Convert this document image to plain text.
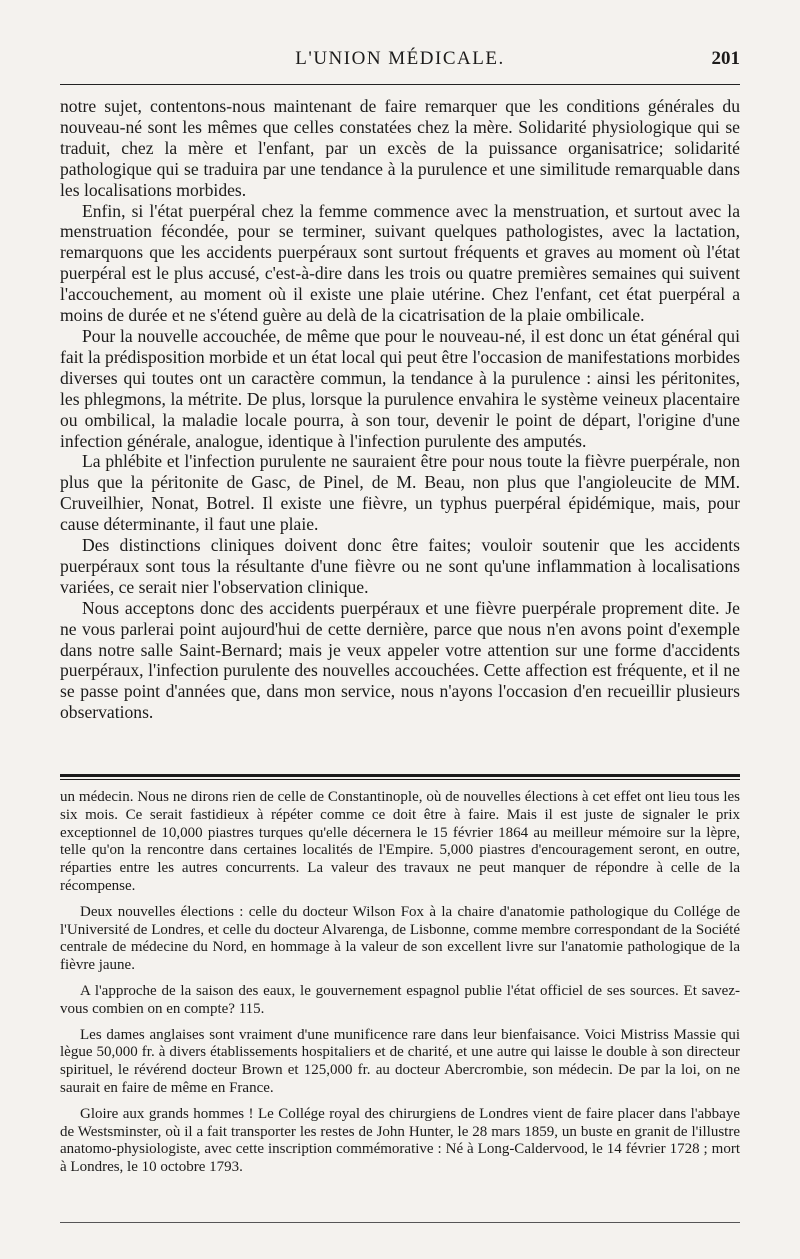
L'UNION MÉDICALE.	201

notre sujet, contentons-nous maintenant de faire remarquer que les conditions générales du nouveau-né sont les mêmes que celles constatées chez la mère. Solidarité physiologique qui se traduit, chez la mère et l'enfant, par un excès de la puissance organisatrice; solidarité pathologique qui se traduira par une tendance à la purulence et une similitude remarquable dans les localisations morbides.

Enfin, si l'état puerpéral chez la femme commence avec la menstruation, et surtout avec la menstruation fécondée, pour se terminer, suivant quelques pathologistes, avec la lactation, remarquons que les accidents puerpéraux sont surtout fréquents et graves au moment où l'état puerpéral est le plus accusé, c'est-à-dire dans les trois ou quatre premières semaines qui suivent l'accouchement, au moment où il existe une plaie utérine. Chez l'enfant, cet état puerpéral a moins de durée et ne s'étend guère au delà de la cicatrisation de la plaie ombilicale.

Pour la nouvelle accouchée, de même que pour le nouveau-né, il est donc un état général qui fait la prédisposition morbide et un état local qui peut être l'occasion de manifestations morbides diverses qui toutes ont un caractère commun, la tendance à la purulence : ainsi les péritonites, les phlegmons, la métrite. De plus, lorsque la purulence envahira le système veineux placentaire ou ombilical, la maladie locale pourra, à son tour, devenir le point de départ, l'origine d'une infection générale, analogue, identique à l'infection purulente des amputés.

La phlébite et l'infection purulente ne sauraient être pour nous toute la fièvre puerpérale, non plus que la péritonite de Gasc, de Pinel, de M. Beau, non plus que l'angioleucite de MM. Cruveilhier, Nonat, Botrel. Il existe une fièvre, un typhus puerpéral épidémique, mais, pour cause déterminante, il faut une plaie.

Des distinctions cliniques doivent donc être faites; vouloir soutenir que les accidents puerpéraux sont tous la résultante d'une fièvre ou ne sont qu'une inflammation à localisations variées, ce serait nier l'observation clinique.

Nous acceptons donc des accidents puerpéraux et une fièvre puerpérale proprement dite. Je ne vous parlerai point aujourd'hui de cette dernière, parce que nous n'en avons point d'exemple dans notre salle Saint-Bernard; mais je veux appeler votre attention sur une forme d'accidents puerpéraux, l'infection purulente des nouvelles accouchées. Cette affection est fréquente, et il ne se passe point d'années que, dans mon service, nous n'ayons l'occasion d'en recueillir plusieurs observations.

un médecin. Nous ne dirons rien de celle de Constantinople, où de nouvelles élections à cet effet ont lieu tous les six mois. Ce serait fastidieux à répéter comme ce doit être à faire. Mais il est juste de signaler le prix exceptionnel de 10,000 piastres turques qu'elle décernera le 15 février 1864 au meilleur mémoire sur la lèpre, telle qu'on la rencontre dans certaines localités de l'Empire. 5,000 piastres d'encouragement seront, en outre, réparties entre les autres concurrents. La valeur des travaux ne peut manquer de répondre à celle de la récompense.

Deux nouvelles élections : celle du docteur Wilson Fox à la chaire d'anatomie pathologique du Collége de l'Université de Londres, et celle du docteur Alvarenga, de Lisbonne, comme membre correspondant de la Société centrale de médecine du Nord, en hommage à la valeur de son excellent livre sur l'anatomie pathologique de la fièvre jaune.

A l'approche de la saison des eaux, le gouvernement espagnol publie l'état officiel de ses sources. Et savez-vous combien on en compte? 115.

Les dames anglaises sont vraiment d'une munificence rare dans leur bienfaisance. Voici Mistriss Massie qui lègue 50,000 fr. à divers établissements hospitaliers et de charité, et une autre qui laisse le double à son directeur spirituel, le révérend docteur Brown et 125,000 fr. au docteur Abercrombie, son médecin. De par la loi, on ne saurait en faire de même en France.

Gloire aux grands hommes ! Le Collége royal des chirurgiens de Londres vient de faire placer dans l'abbaye de Westsminster, où il a fait transporter les restes de John Hunter, le 28 mars 1859, un buste en granit de l'illustre anatomo-physiologiste, avec cette inscription commémorative : Né à Long-Caldervood, le 14 février 1728 ; mort à Londres, le 10 octobre 1793.
